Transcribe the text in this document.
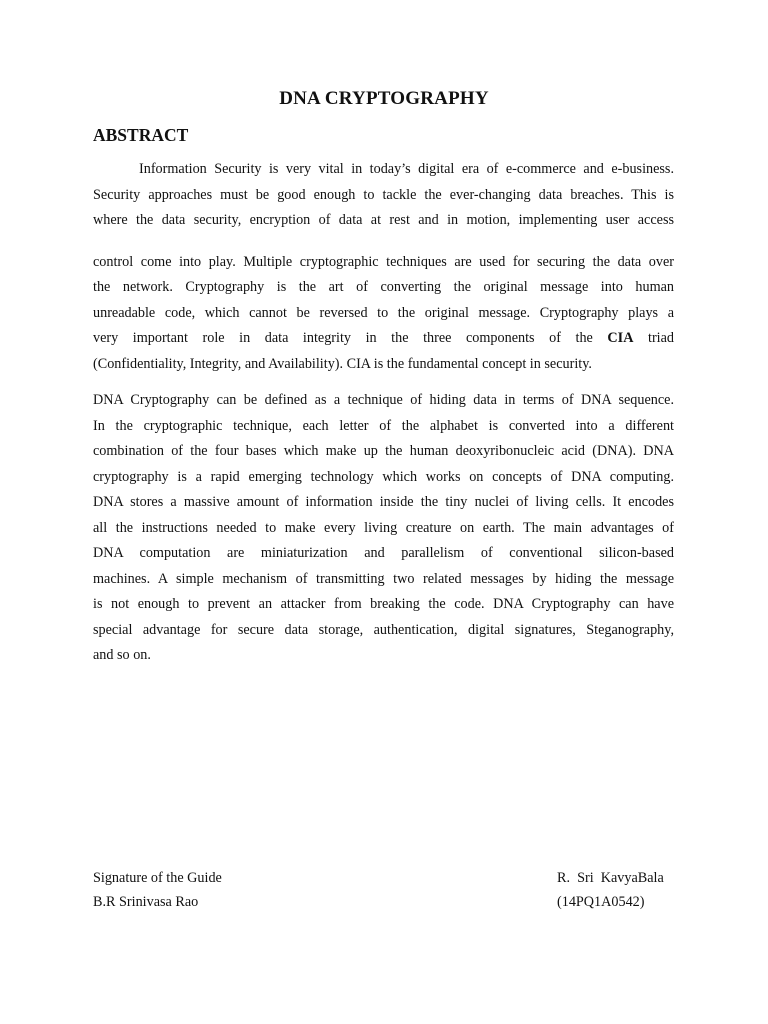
DNA CRYPTOGRAPHY
ABSTRACT
Information Security is very vital in today’s digital era of e-commerce and e-business.
Security approaches must be good enough to tackle the ever-changing data breaches. This is
where the data security, encryption of data at rest and in motion, implementing user access
control come into play. Multiple cryptographic techniques are used for securing the data over
the network. Cryptography is the art of converting the original message into human
unreadable code, which cannot be reversed to the original message. Cryptography plays a
very important role in data integrity in the three components of the CIA triad
(Confidentiality, Integrity, and Availability). CIA is the fundamental concept in security.
DNA Cryptography can be defined as a technique of hiding data in terms of DNA sequence.
In the cryptographic technique, each letter of the alphabet is converted into a different
combination of the four bases which make up the human deoxyribonucleic acid (DNA). DNA
cryptography is a rapid emerging technology which works on concepts of DNA computing.
DNA stores a massive amount of information inside the tiny nuclei of living cells. It encodes
all the instructions needed to make every living creature on earth. The main advantages of
DNA computation are miniaturization and parallelism of conventional silicon-based
machines. A simple mechanism of transmitting two related messages by hiding the message
is not enough to prevent an attacker from breaking the code. DNA Cryptography can have
special advantage for secure data storage, authentication, digital signatures, Steganography,
and so on.
Signature of the Guide
B.R Srinivasa Rao
R.  Sri  KavyaBala
(14PQ1A0542)
